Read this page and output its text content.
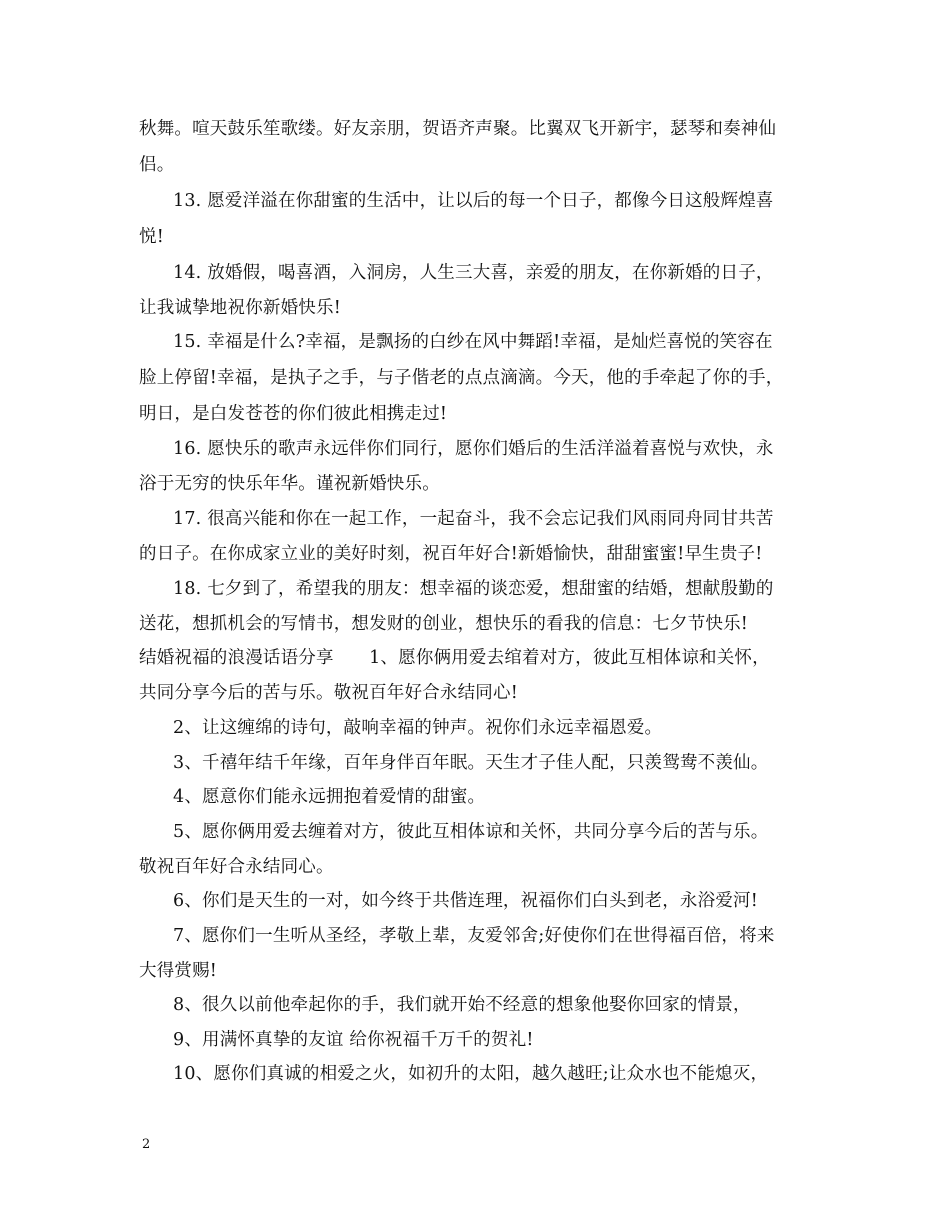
秋舞。喧天鼓乐笙歌缕。好友亲朋，贺语齐声聚。比翼双飞开新宇，瑟琴和奏神仙
侣。
13. 愿爱洋溢在你甜蜜的生活中，让以后的每一个日子，都像今日这般辉煌喜
悦!
14. 放婚假，喝喜酒，入洞房，人生三大喜，亲爱的朋友，在你新婚的日子，
让我诚挚地祝你新婚快乐!
15. 幸福是什么?幸福，是飘扬的白纱在风中舞蹈!幸福，是灿烂喜悦的笑容在
脸上停留!幸福，是执子之手，与子偕老的点点滴滴。今天，他的手牵起了你的手，
明日，是白发苍苍的你们彼此相携走过!
16. 愿快乐的歌声永远伴你们同行，愿你们婚后的生活洋溢着喜悦与欢快，永
浴于无穷的快乐年华。谨祝新婚快乐。
17. 很高兴能和你在一起工作，一起奋斗，我不会忘记我们风雨同舟同甘共苦
的日子。在你成家立业的美好时刻，祝百年好合!新婚愉快，甜甜蜜蜜!早生贵子!
18. 七夕到了，希望我的朋友：想幸福的谈恋爱，想甜蜜的结婚，想献殷勤的
送花，想抓机会的写情书，想发财的创业，想快乐的看我的信息：七夕节快乐!
结婚祝福的浪漫话语分享　　1、愿你俩用爱去绾着对方，彼此互相体谅和关怀，
共同分享今后的苦与乐。敬祝百年好合永结同心!
2、让这缠绵的诗句，敲响幸福的钟声。祝你们永远幸福恩爱。
3、千禧年结千年缘，百年身伴百年眠。天生才子佳人配，只羡鸳鸯不羡仙。
4、愿意你们能永远拥抱着爱情的甜蜜。
5、愿你俩用爱去缠着对方，彼此互相体谅和关怀，共同分享今后的苦与乐。
敬祝百年好合永结同心。
6、你们是天生的一对，如今终于共偕连理，祝福你们白头到老，永浴爱河!
7、愿你们一生听从圣经，孝敬上辈，友爱邻舍;好使你们在世得福百倍，将来
大得赏赐!
8、很久以前他牵起你的手，我们就开始不经意的想象他娶你回家的情景，
9、用满怀真挚的友谊 给你祝福千万千的贺礼!
10、愿你们真诚的相爱之火，如初升的太阳，越久越旺;让众水也不能熄灭，
2
